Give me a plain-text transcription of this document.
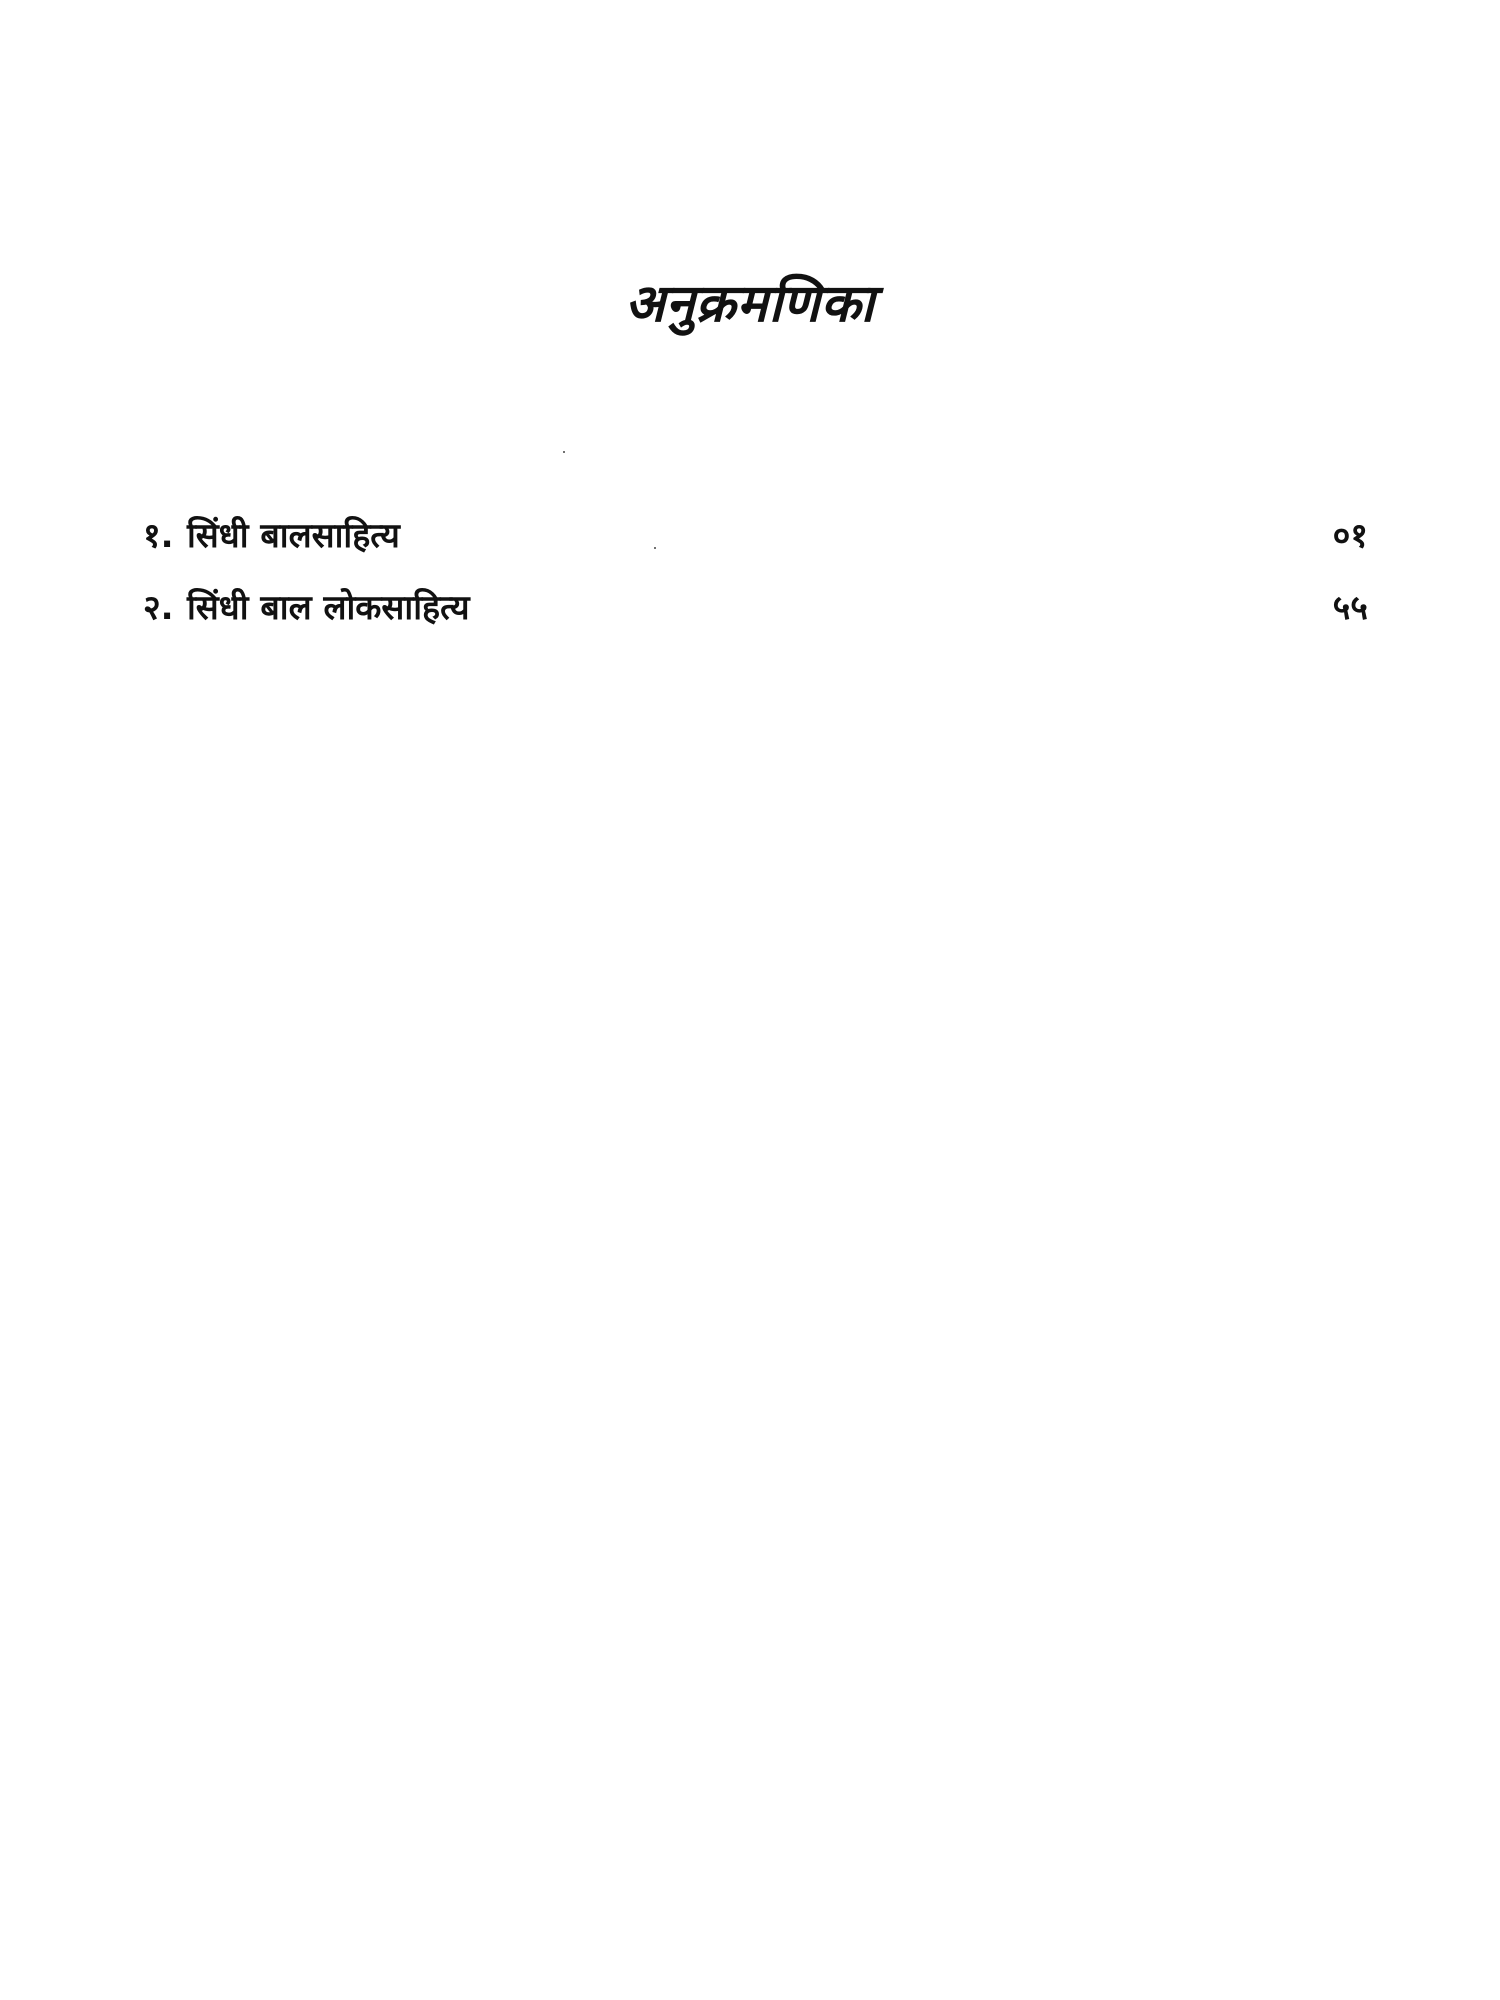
अनुक्रमणिका
१. सिंधी बालसाहित्य	०१
२. सिंधी बाल लोकसाहित्य	५५
